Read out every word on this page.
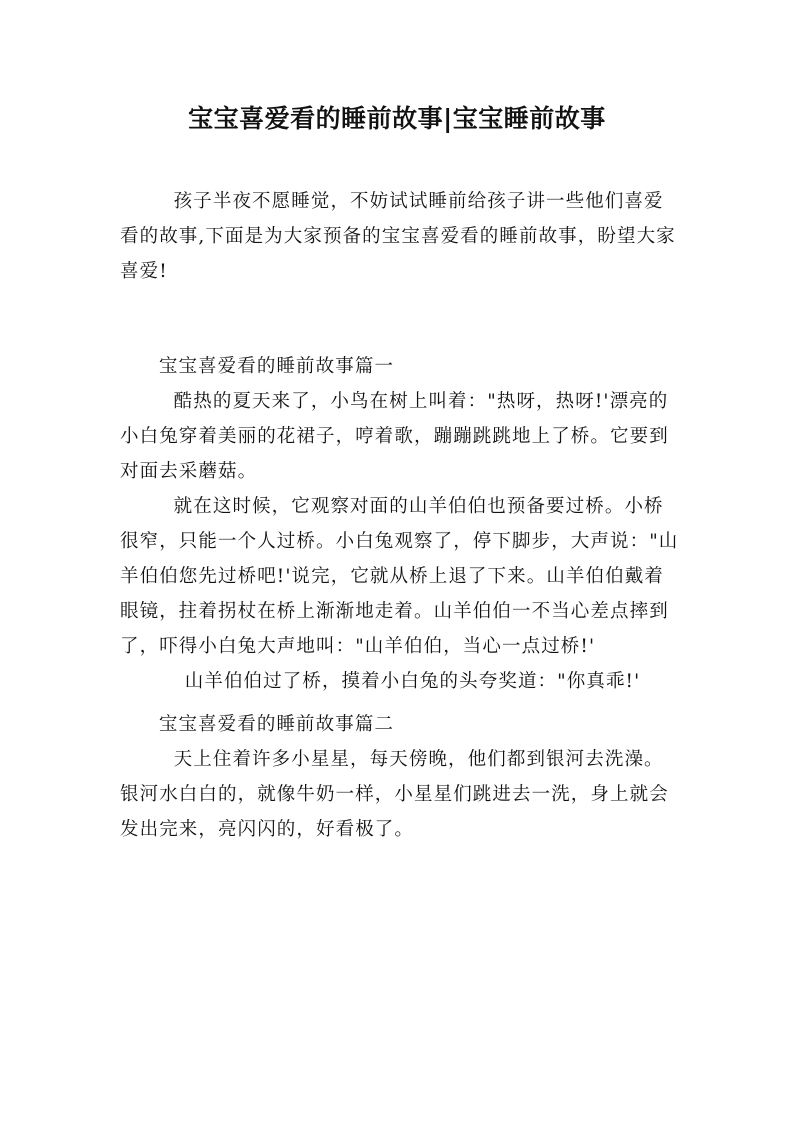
宝宝喜爱看的睡前故事|宝宝睡前故事

孩子半夜不愿睡觉，不妨试试睡前给孩子讲一些他们喜爱看的故事,下面是为大家预备的宝宝喜爱看的睡前故事，盼望大家喜爱!

宝宝喜爱看的睡前故事篇一

酷热的夏天来了，小鸟在树上叫着："热呀，热呀!'漂亮的小白兔穿着美丽的花裙子，哼着歌，蹦蹦跳跳地上了桥。它要到对面去采蘑菇。

就在这时候，它观察对面的山羊伯伯也预备要过桥。小桥很窄，只能一个人过桥。小白兔观察了，停下脚步，大声说："山羊伯伯您先过桥吧!'说完，它就从桥上退了下来。山羊伯伯戴着眼镜，拄着拐杖在桥上渐渐地走着。山羊伯伯一不当心差点摔到了，吓得小白兔大声地叫："山羊伯伯，当心一点过桥!'

山羊伯伯过了桥，摸着小白兔的头夸奖道："你真乖!'

宝宝喜爱看的睡前故事篇二

天上住着许多小星星，每天傍晚，他们都到银河去洗澡。银河水白白的，就像牛奶一样，小星星们跳进去一洗，身上就会发出完来，亮闪闪的，好看极了。
